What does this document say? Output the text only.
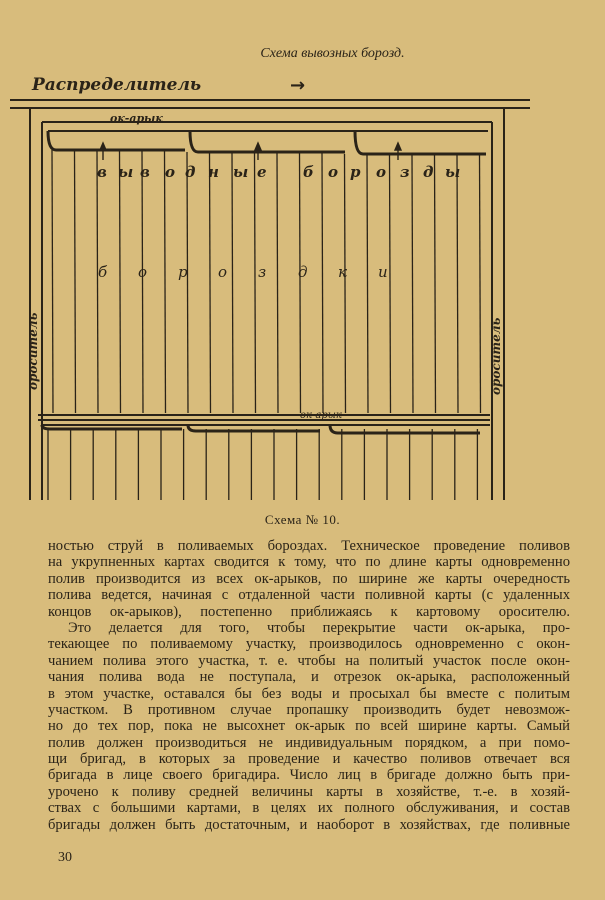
Схема вывозных борозд.
Распределитель	→
ок-арык
ок-арык
ороситель	ороситель
в ы в о д н ы е б о р о з д ы
б о р о з д к и
Схема № 10.
ностью струй в поливаемых бороздах. Техническое проведение поливов
на укрупненных картах сводится к тому, что по длине карты одновременно
полив производится из всех ок-арыков, по ширине же карты очередность
полива ведется, начиная с отдаленной части поливной карты (с удаленных
концов ок-арыков), постепенно приближаясь к картовому оросителю.
Это делается для того, чтобы перекрытие части ок-арыка, про-
текающее по поливаемому участку, производилось одновременно с окон-
чанием полива этого участка, т. е. чтобы на политый участок после окон-
чания полива вода не поступала, и отрезок ок-арыка, расположенный
в этом участке, оставался бы без воды и просыхал бы вместе с политым
участком. В противном случае пропашку производить будет невозмож-
но до тех пор, пока не высохнет ок-арык по всей ширине карты. Самый
полив должен производиться не индивидуальным порядком, а при помо-
щи бригад, в которых за проведение и качество поливов отвечает вся
бригада в лице своего бригадира. Число лиц в бригаде должно быть при-
урочено к поливу средней величины карты в хозяйстве, т.-е. в хозяй-
ствах с большими картами, в целях их полного обслуживания, и состав
бригады должен быть достаточным, и наоборот в хозяйствах, где поливные
30
